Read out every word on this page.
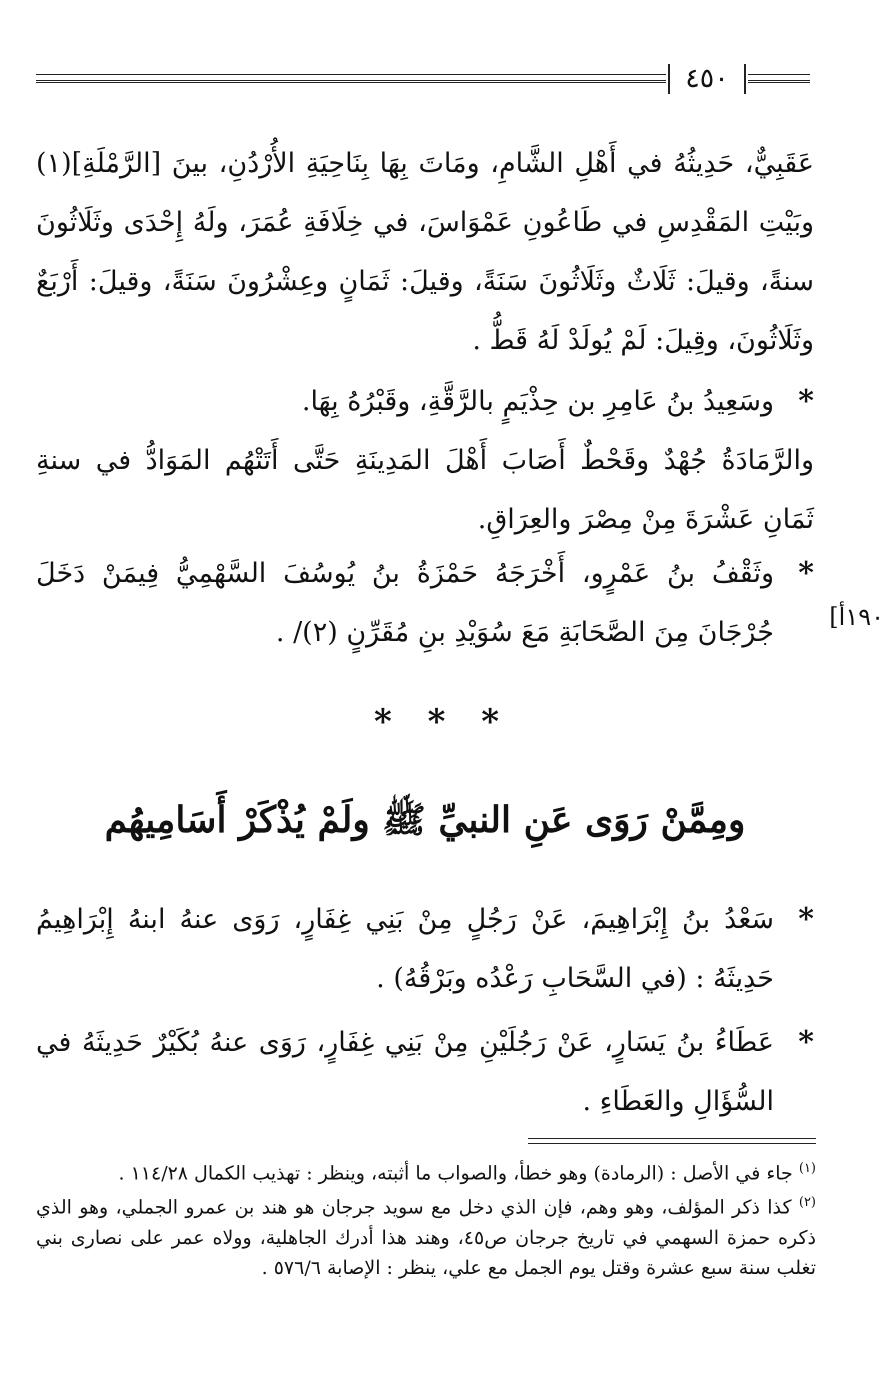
٤٥٠
عَقَبِيٌّ، حَدِيثُهُ في أَهْلِ الشَّامِ، ومَاتَ بِهَا بِنَاحِيَةِ الأُرْدُنِ، بينَ [الرَّمْلَةِ](١) وبَيْتِ المَقْدِسِ في طَاعُونِ عَمْوَاسَ، في خِلَافَةِ عُمَرَ، ولَهُ إِحْدَى وثَلَاثُونَ سنةً، وقيلَ: ثَلَاثٌ وثَلَاثُونَ سَنَةً، وقيلَ: ثَمَانٍ وعِشْرُونَ سَنَةً، وقيلَ: أَرْبَعٌ وثَلَاثُونَ، وقِيلَ: لَمْ يُولَدْ لَهُ قَطُّ .
*
وسَعِيدُ بنُ عَامِرِ بن حِذْيَمٍ بالرَّقَّةِ، وقَبْرُهُ بِهَا.
والرَّمَادَةُ جُهْدٌ وقَحْطٌ أَصَابَ أَهْلَ المَدِينَةِ حَتَّى أَتَتْهُم المَوَادُّ في سنةِ ثَمَانِ عَشْرَةَ مِنْ مِصْرَ والعِرَاقِ.
*
وثَقْفُ بنُ عَمْرٍو، أَخْرَجَهُ حَمْزَةُ بنُ يُوسُفَ السَّهْمِيُّ فِيمَنْ دَخَلَ جُرْجَانَ مِنَ الصَّحَابَةِ مَعَ سُوَيْدِ بنِ مُقَرِّنٍ (٢)/ .	١٩٠أ]
* * *
ومِمَّنْ رَوَى عَنِ النبيِّ ﷺ ولَمْ يُذْكَرْ أَسَامِيهُم
*
سَعْدُ بنُ إِبْرَاهِيمَ، عَنْ رَجُلٍ مِنْ بَنِي غِفَارٍ، رَوَى عنهُ ابنهُ إِبْرَاهِيمُ حَدِيثَهُ : (في السَّحَابِ رَعْدُه وبَرْقُهُ) .
*
عَطَاءُ بنُ يَسَارٍ، عَنْ رَجُلَيْنِ مِنْ بَنِي غِفَارٍ، رَوَى عنهُ بُكَيْرٌ حَدِيثَهُ في السُّؤَالِ والعَطَاءِ .

$^{(١)}$ جاء في الأصل : (الرمادة) وهو خطأ، والصواب ما أثبته، وينظر : تهذيب الكمال ١١٤/٢٨ .

$^{(٢)}$ كذا ذكر المؤلف، وهو وهم، فإن الذي دخل مع سويد جرجان هو هند بن عمرو الجملي، وهو الذي ذكره حمزة السهمي في تاريخ جرجان ص٤٥، وهند هذا أدرك الجاهلية، وولاه عمر على نصارى بني تغلب سنة سبع عشرة وقتل يوم الجمل مع علي، ينظر : الإصابة ٥٧٦/٦ .
